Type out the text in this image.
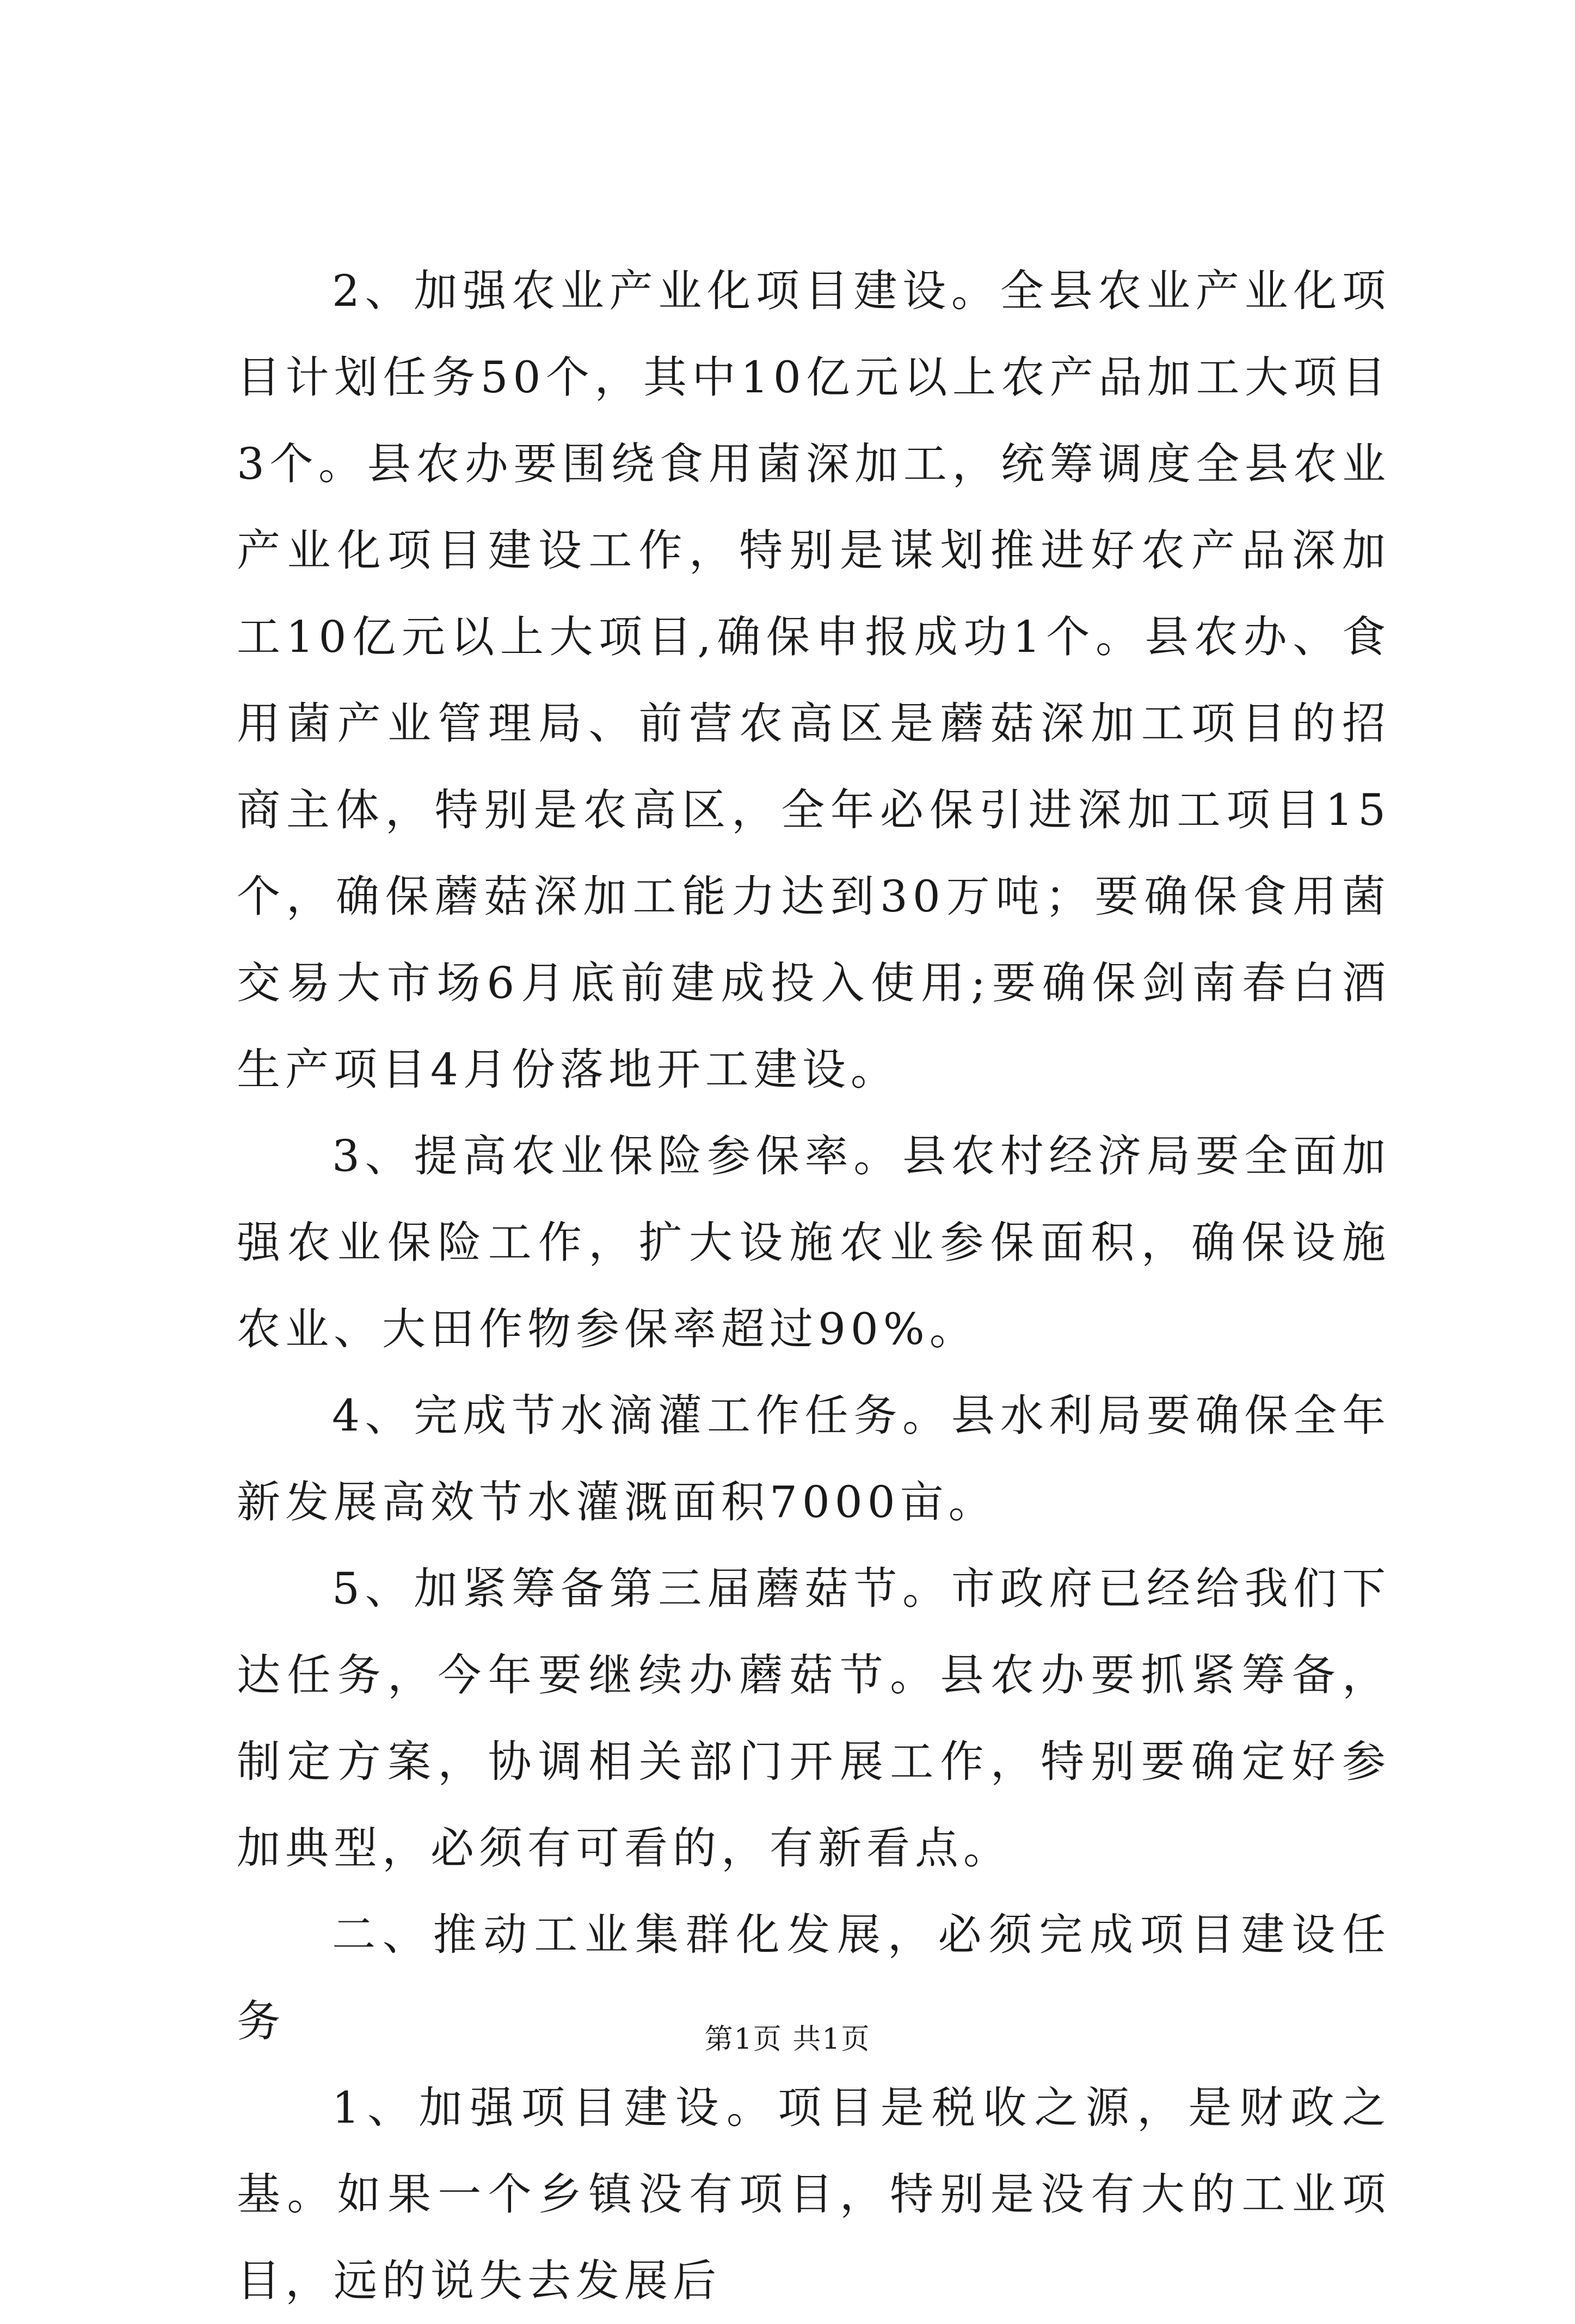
2、加强农业产业化项目建设。全县农业产业化项目计划任务50个，其中10亿元以上农产品加工大项目3个。县农办要围绕食用菌深加工，统筹调度全县农业产业化项目建设工作，特别是谋划推进好农产品深加工10亿元以上大项目,确保申报成功1个。县农办、食用菌产业管理局、前营农高区是蘑菇深加工项目的招商主体，特别是农高区，全年必保引进深加工项目15个，确保蘑菇深加工能力达到30万吨；要确保食用菌交易大市场6月底前建成投入使用;要确保剑南春白酒生产项目4月份落地开工建设。

3、提高农业保险参保率。县农村经济局要全面加强农业保险工作，扩大设施农业参保面积，确保设施农业、大田作物参保率超过90%。

4、完成节水滴灌工作任务。县水利局要确保全年新发展高效节水灌溉面积7000亩。

5、加紧筹备第三届蘑菇节。市政府已经给我们下达任务，今年要继续办蘑菇节。县农办要抓紧筹备，制定方案，协调相关部门开展工作，特别要确定好参加典型，必须有可看的，有新看点。

二、推动工业集群化发展，必须完成项目建设任务

1、加强项目建设。项目是税收之源，是财政之基。如果一个乡镇没有项目，特别是没有大的工业项目，远的说失去发展后

第1页 共1页
